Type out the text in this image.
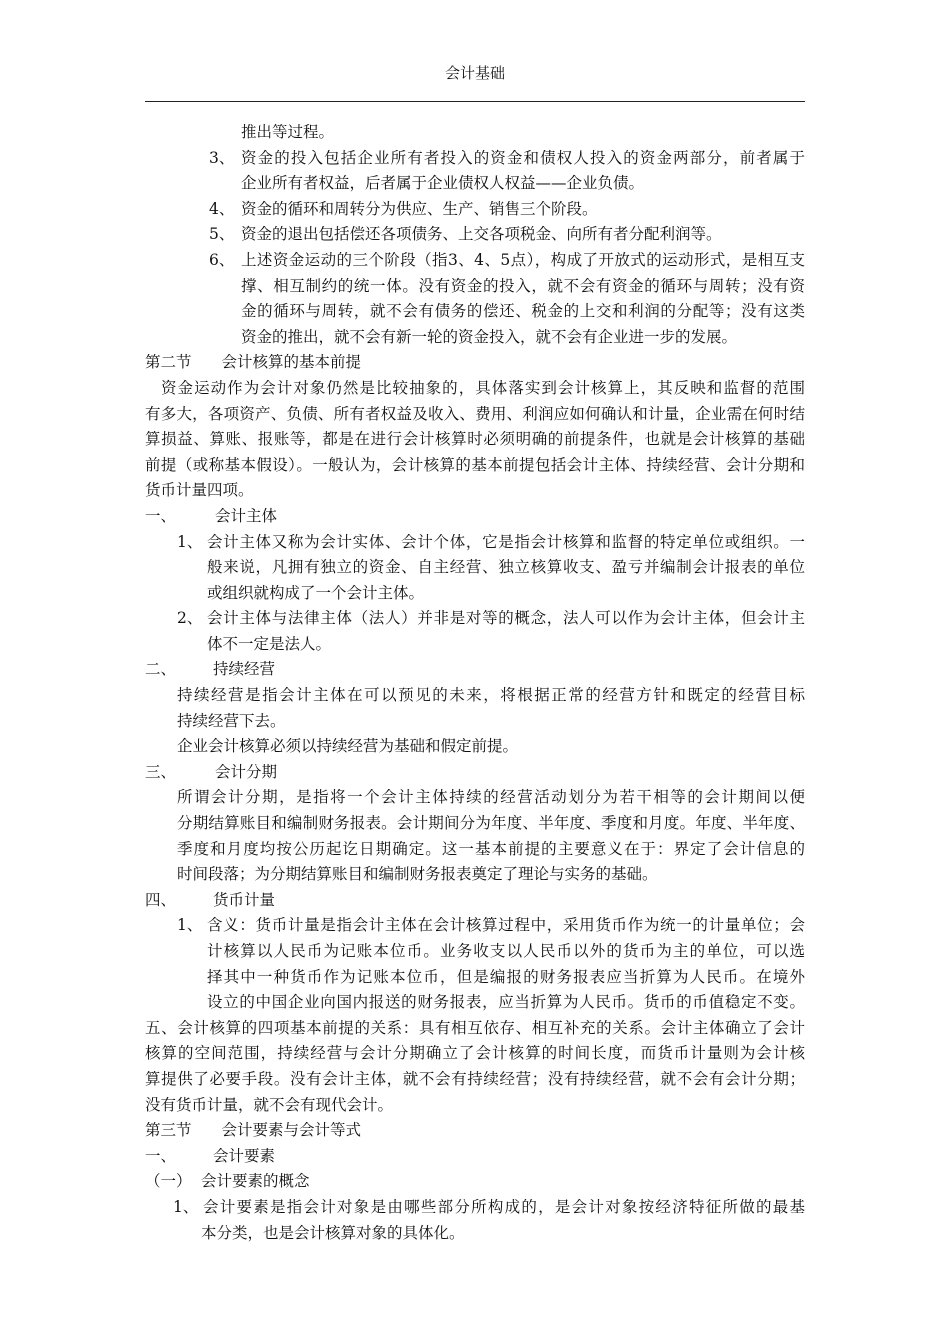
会计基础
推出等过程。
3、 资金的投入包括企业所有者投入的资金和债权人投入的资金两部分，前者属于
企业所有者权益，后者属于企业债权人权益——企业负债。
4、 资金的循环和周转分为供应、生产、销售三个阶段。
5、 资金的退出包括偿还各项债务、上交各项税金、向所有者分配利润等。
6、 上述资金运动的三个阶段（指3、4、5点），构成了开放式的运动形式，是相互支
撑、相互制约的统一体。没有资金的投入，就不会有资金的循环与周转；没有资
金的循环与周转，就不会有债务的偿还、税金的上交和利润的分配等；没有这类
资金的推出，就不会有新一轮的资金投入，就不会有企业进一步的发展。
第二节 会计核算的基本前提
资金运动作为会计对象仍然是比较抽象的，具体落实到会计核算上，其反映和监督的范围
有多大，各项资产、负债、所有者权益及收入、费用、利润应如何确认和计量，企业需在何时结
算损益、算账、报账等，都是在进行会计核算时必须明确的前提条件，也就是会计核算的基础
前提（或称基本假设）。一般认为，会计核算的基本前提包括会计主体、持续经营、会计分期和
货币计量四项。
一、	会计主体
1、 会计主体又称为会计实体、会计个体，它是指会计核算和监督的特定单位或组织。一
般来说，凡拥有独立的资金、自主经营、独立核算收支、盈亏并编制会计报表的单位
或组织就构成了一个会计主体。
2、 会计主体与法律主体（法人）并非是对等的概念，法人可以作为会计主体，但会计主
体不一定是法人。
二、	持续经营
持续经营是指会计主体在可以预见的未来，将根据正常的经营方针和既定的经营目标
持续经营下去。
企业会计核算必须以持续经营为基础和假定前提。
三、	会计分期
所谓会计分期，是指将一个会计主体持续的经营活动划分为若干相等的会计期间以便
分期结算账目和编制财务报表。会计期间分为年度、半年度、季度和月度。年度、半年度、
季度和月度均按公历起讫日期确定。这一基本前提的主要意义在于：界定了会计信息的
时间段落；为分期结算账目和编制财务报表奠定了理论与实务的基础。
四、	货币计量
1、 含义：货币计量是指会计主体在会计核算过程中，采用货币作为统一的计量单位；会
计核算以人民币为记账本位币。业务收支以人民币以外的货币为主的单位，可以选
择其中一种货币作为记账本位币，但是编报的财务报表应当折算为人民币。在境外
设立的中国企业向国内报送的财务报表，应当折算为人民币。货币的币值稳定不变。
五、会计核算的四项基本前提的关系：具有相互依存、相互补充的关系。会计主体确立了会计
核算的空间范围，持续经营与会计分期确立了会计核算的时间长度，而货币计量则为会计核
算提供了必要手段。没有会计主体，就不会有持续经营；没有持续经营，就不会有会计分期；
没有货币计量，就不会有现代会计。
第三节 会计要素与会计等式
一、	会计要素
（一） 会计要素的概念
1、 会计要素是指会计对象是由哪些部分所构成的，是会计对象按经济特征所做的最基
本分类，也是会计核算对象的具体化。
